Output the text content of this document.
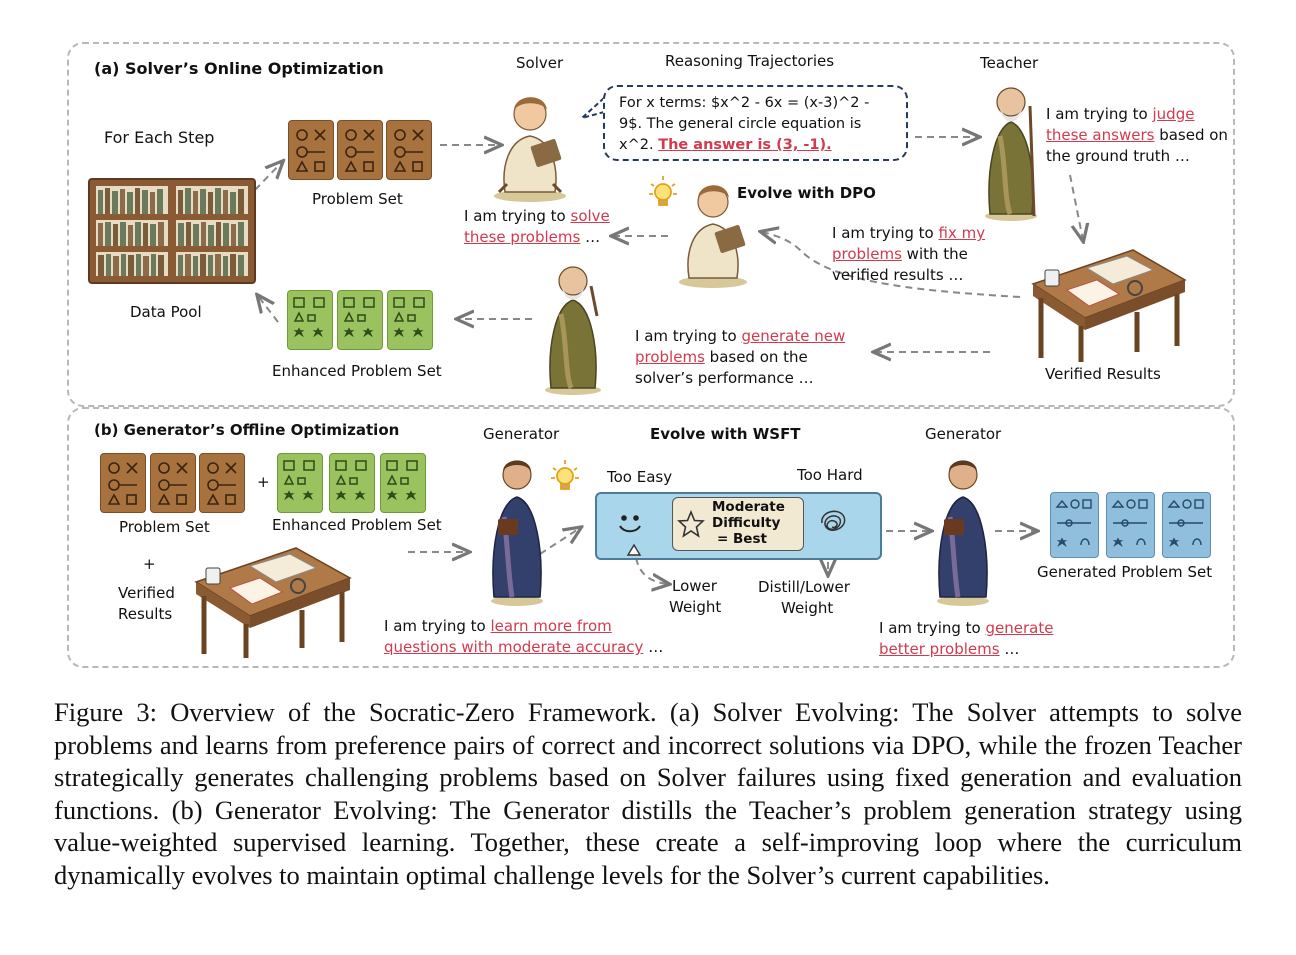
(a) Solver’s Online Optimization
For Each Step
Data Pool
Problem Set
Enhanced Problem Set
Solver	Reasoning Trajectories
For x terms: $x^2 - 6x = (x-3)^2 - 9$. The general circle equation is x^2. The answer is (3, -1).
Teacher
I am trying to judge these answers based on the ground truth …
I am trying to solve these problems …
Evolve with DPO
I am trying to fix my problems with the verified results …
Verified Results
I am trying to generate new problems based on the solver’s performance …
(b) Generator’s Offline Optimization
Problem Set
+
Enhanced Problem Set
+
Verified
Results
Generator	Evolve with WSFT
Too Easy	Too Hard
Moderate
Difficulty
= Best
Lower
Weight
Distill/Lower
Weight
Generator
Generated Problem Set
I am trying to learn more from questions with moderate accuracy …
I am trying to generate better problems …
Figure 3: Overview of the Socratic-Zero Framework. (a) Solver Evolving: The Solver attempts to solve problems and learns from preference pairs of correct and incorrect solutions via DPO, while the frozen Teacher strategically generates challenging problems based on Solver failures using fixed generation and evaluation functions. (b) Generator Evolving: The Generator distills the Teacher’s problem generation strategy using value-weighted supervised learning. Together, these create a self-improving loop where the curriculum dynamically evolves to maintain optimal challenge levels for the Solver’s current capabilities.
